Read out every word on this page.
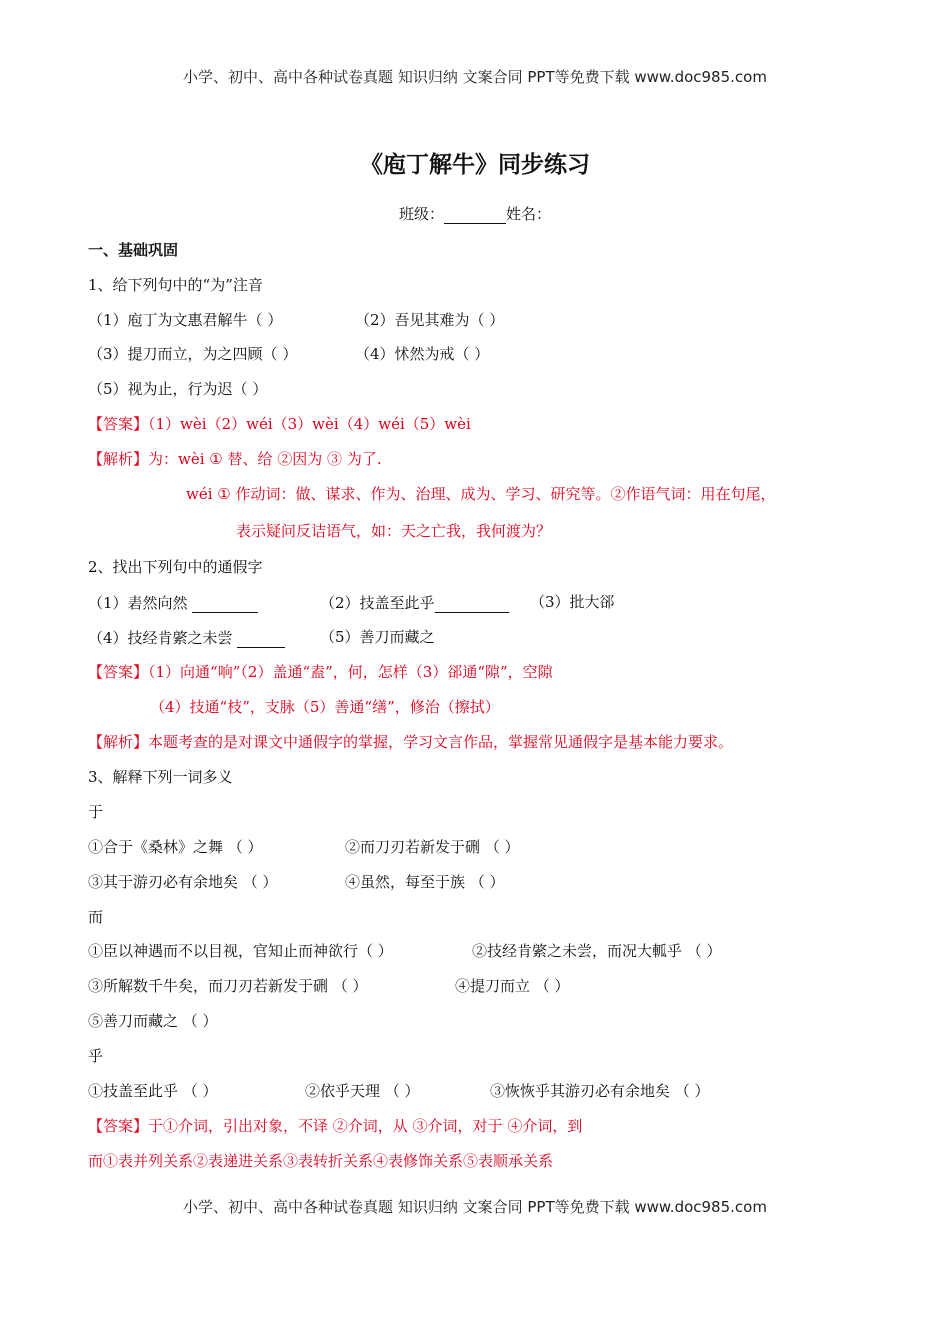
小学、初中、高中各种试卷真题 知识归纳 文案合同 PPT等免费下载 www.doc985.com
《庖丁解牛》同步练习
班级：	姓名：
一、基础巩固
1、给下列句中的“为”注音
（1）庖丁为文惠君解牛（ ）	（2）吾见其难为（ ）
（3）提刀而立，为之四顾（ ）	（4）怵然为戒（ ）
（5）视为止，行为迟（ ）
【答案】（1）wèi（2）wéi（3）wèi（4）wéi（5）wèi
【解析】为：wèi ① 替、给 ②因为 ③ 为了.
wéi ① 作动词：做、谋求、作为、治理、成为、学习、研究等。②作语气词：用在句尾，
表示疑问反诘语气，如：天之亡我，我何渡为？
2、找出下列句中的通假字
（1）砉然向然	（2）技盖至此乎	（3）批大郤
（4）技经肯綮之未尝	（5）善刀而藏之
【答案】（1）向通“响”（2）盖通“盍”，何，怎样（3）郤通“隙”，空隙
（4）技通“枝”，支脉（5）善通“缮”，修治（擦拭）
【解析】本题考查的是对课文中通假字的掌握，学习文言作品，掌握常见通假字是基本能力要求。
3、解释下列一词多义
于
①合于《桑林》之舞 （ ）	②而刀刃若新发于硎 （ ）
③其于游刃必有余地矣 （ ）	④虽然，每至于族 （ ）
而
①臣以神遇而不以目视，官知止而神欲行（ ）	②技经肯綮之未尝，而况大軱乎 （ ）
③所解数千牛矣，而刀刃若新发于硎 （ ）	④提刀而立 （ ）
⑤善刀而藏之 （ ）
乎
①技盖至此乎 （ ）	②依乎天理 （ ）	③恢恢乎其游刃必有余地矣 （ ）
【答案】于①介词，引出对象，不译 ②介词，从 ③介词，对于 ④介词，到
而①表并列关系②表递进关系③表转折关系④表修饰关系⑤表顺承关系
小学、初中、高中各种试卷真题 知识归纳 文案合同 PPT等免费下载 www.doc985.com
